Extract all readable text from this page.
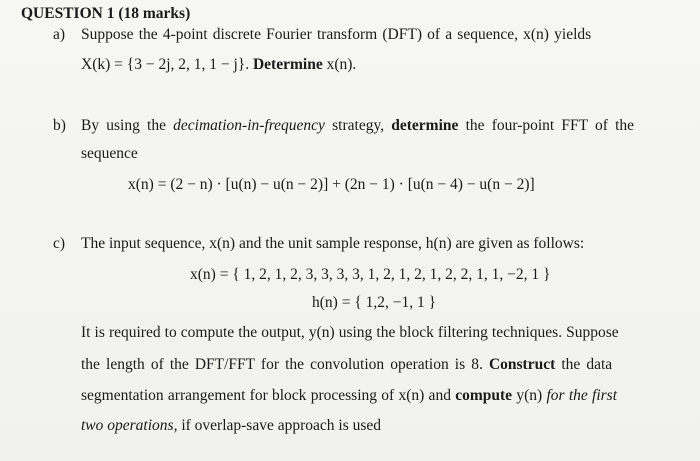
QUESTION 1 (18 marks)
a) Suppose the 4-point discrete Fourier transform (DFT) of a sequence, x(n) yields
X(k) = {3 − 2j, 2, 1, 1 − j}. Determine x(n).
b) By using the decimation-in-frequency strategy, determine the four-point FFT of the
sequence
x(n) = (2 − n) · [u(n) − u(n − 2)] + (2n − 1) · [u(n − 4) − u(n − 2)]
c) The input sequence, x(n) and the unit sample response, h(n) are given as follows:
x(n) = { 1, 2, 1, 2, 3, 3, 3, 3, 1, 2, 1, 2, 1, 2, 2, 1, 1, −2, 1 }
h(n) = { 1,2, −1, 1 }
It is required to compute the output, y(n) using the block filtering techniques. Suppose
the length of the DFT/FFT for the convolution operation is 8. Construct the data
segmentation arrangement for block processing of x(n) and compute y(n) for the first
two operations, if overlap-save approach is used
